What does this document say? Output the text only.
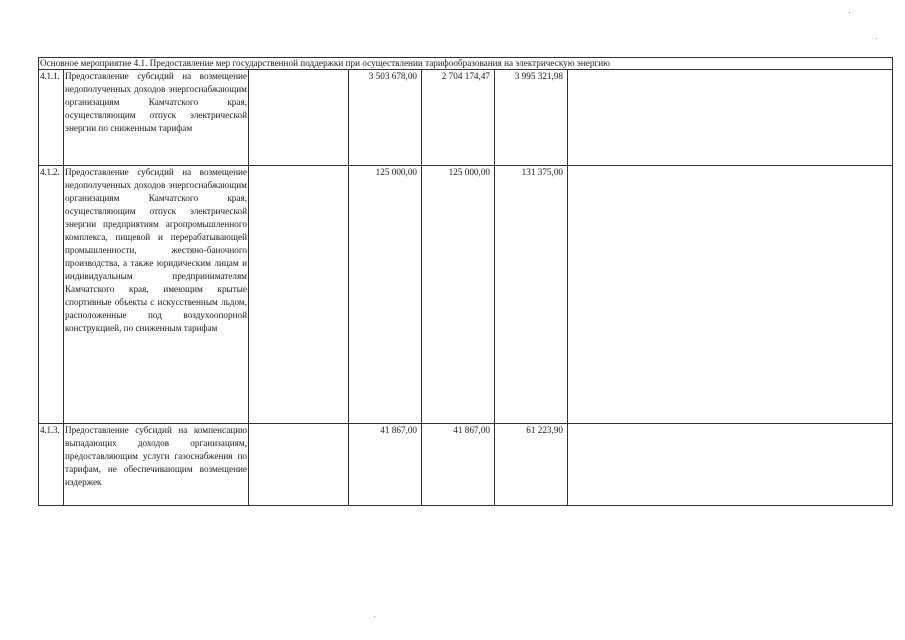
Основное мероприятие 4.1. Предоставление мер государственной поддержки при осуществлении тарифообразования на электрическую энергию						
4.1.1.	Предоставление субсидий на возмещение недополученных доходов энергоснабжающим организациям Камчатского края, осуществляющим отпуск электрической энергии по сниженным тарифам		3 503 678,00	2 704 174,47	3 995 321,98	
4.1.2.	Предоставление субсидий на возмещение недополученных доходов энергоснабжающим организациям Камчатского края, осуществляющим отпуск электрической энергии предприятиям агропромышленного комплекса, пищевой и перерабатывающей промышленности, жестяно-баночного производства, а также юридическим лицам и индивидуальным предпринимателям Камчатского края, имеющим крытые спортивные объекты с искусственным льдом, расположенные под воздухоопорной конструкцией, по сниженным тарифам		125 000,00	125 000,00	131 375,00	
4.1.3.	Предоставление субсидий на компенсацию выпадающих доходов организациям, предоставляющим услуги газоснабжения по тарифам, не обеспечивающим возмещение издержек		41 867,00	41 867,00	61 223,90	
